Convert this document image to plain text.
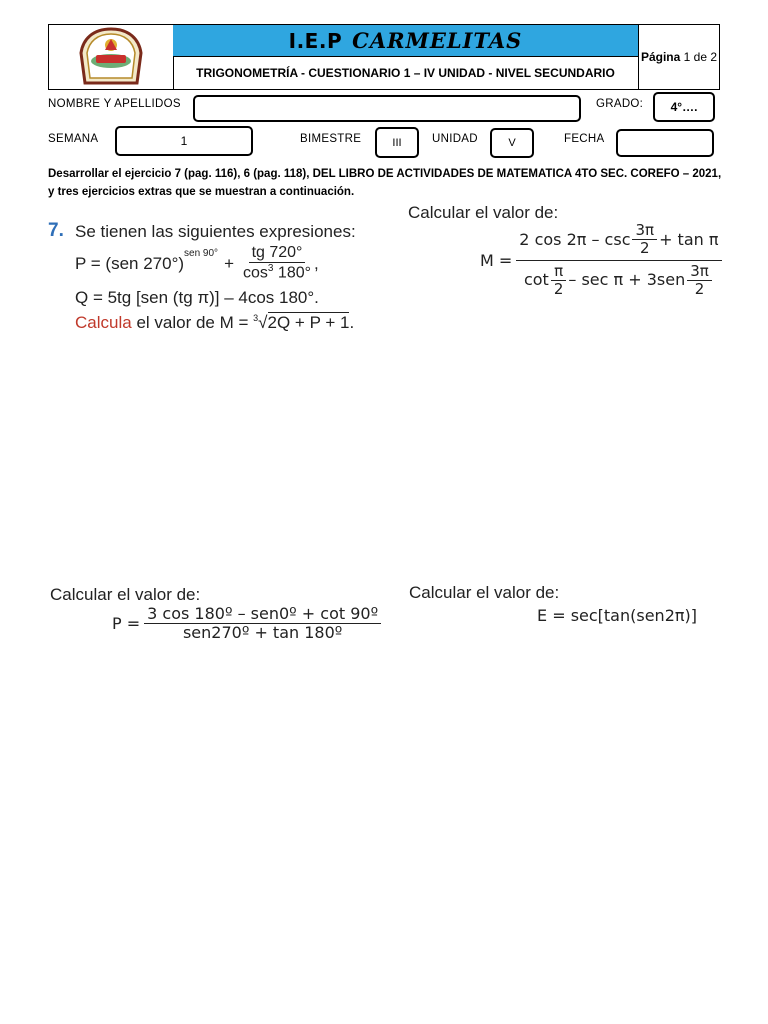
I.E.P CARMELITAS
TRIGONOMETRÍA - CUESTIONARIO 1 – IV UNIDAD - NIVEL SECUNDARIO
Página
1 de 2
NOMBRE Y APELLIDOS	GRADO: 4°….
SEMANA	1	BIMESTRE	III	UNIDAD	V	FECHA
Desarrollar el ejercicio 7 (pag. 116), 6 (pag. 118), DEL LIBRO DE ACTIVIDADES DE MATEMATICA 4TO SEC. COREFO – 2021, y tres ejercicios extras que se muestran a continuación.
7. Se tienen las siguientes expresiones:
P = (sen 270°)
$^{sen 90^\circ}$
+ $\frac{tg 720^\circ}{\cos^3 180^\circ}$ ,
Q = 5tg [sen (tg π)] – 4cos 180°.
Calcula
el valor de M =
$^3$ √ 2Q + P + 1 .
Calcular el valor de:
$M = \frac{2 \cos 2\pi - \csc \frac{3\pi}{2} + \tan \pi}{\cot \frac{\pi}{2} - \sec \pi + 3sen \frac{3\pi}{2}}$
Calcular el valor de:
$P = \frac{\text{3 cos 180º – sen0º + cot 90º}}{\text{sen270º + tan 180º}}$
Calcular el valor de:
E = sec[tan(sen2π)]
